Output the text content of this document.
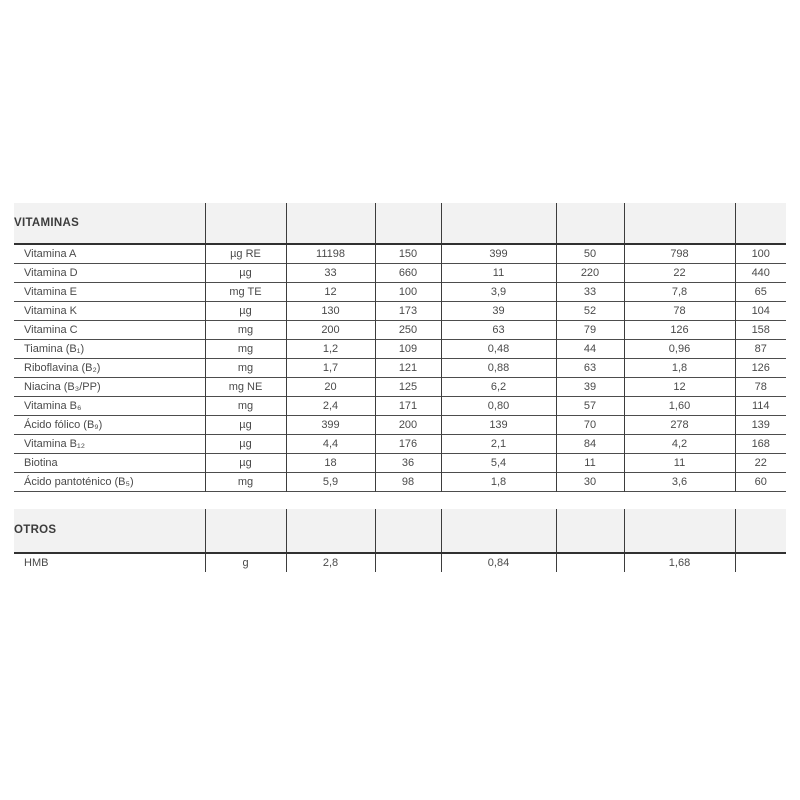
VITAMINAS							
Vitamina A	µg RE	11198	150	399	50	798	100
Vitamina D	µg	33	660	11	220	22	440
Vitamina E	mg TE	12	100	3,9	33	7,8	65
Vitamina K	µg	130	173	39	52	78	104
Vitamina C	mg	200	250	63	79	126	158
Tiamina (B₁)	mg	1,2	109	0,48	44	0,96	87
Riboflavina (B₂)	mg	1,7	121	0,88	63	1,8	126
Niacina (B₃/PP)	mg NE	20	125	6,2	39	12	78
Vitamina B₆	mg	2,4	171	0,80	57	1,60	114
Ácido fólico (B₉)	µg	399	200	139	70	278	139
Vitamina B₁₂	µg	4,4	176	2,1	84	4,2	168
Biotina	µg	18	36	5,4	11	11	22
Ácido pantoténico (B₅)	mg	5,9	98	1,8	30	3,6	60
OTROS							
HMB	g	2,8		0,84		1,68	
